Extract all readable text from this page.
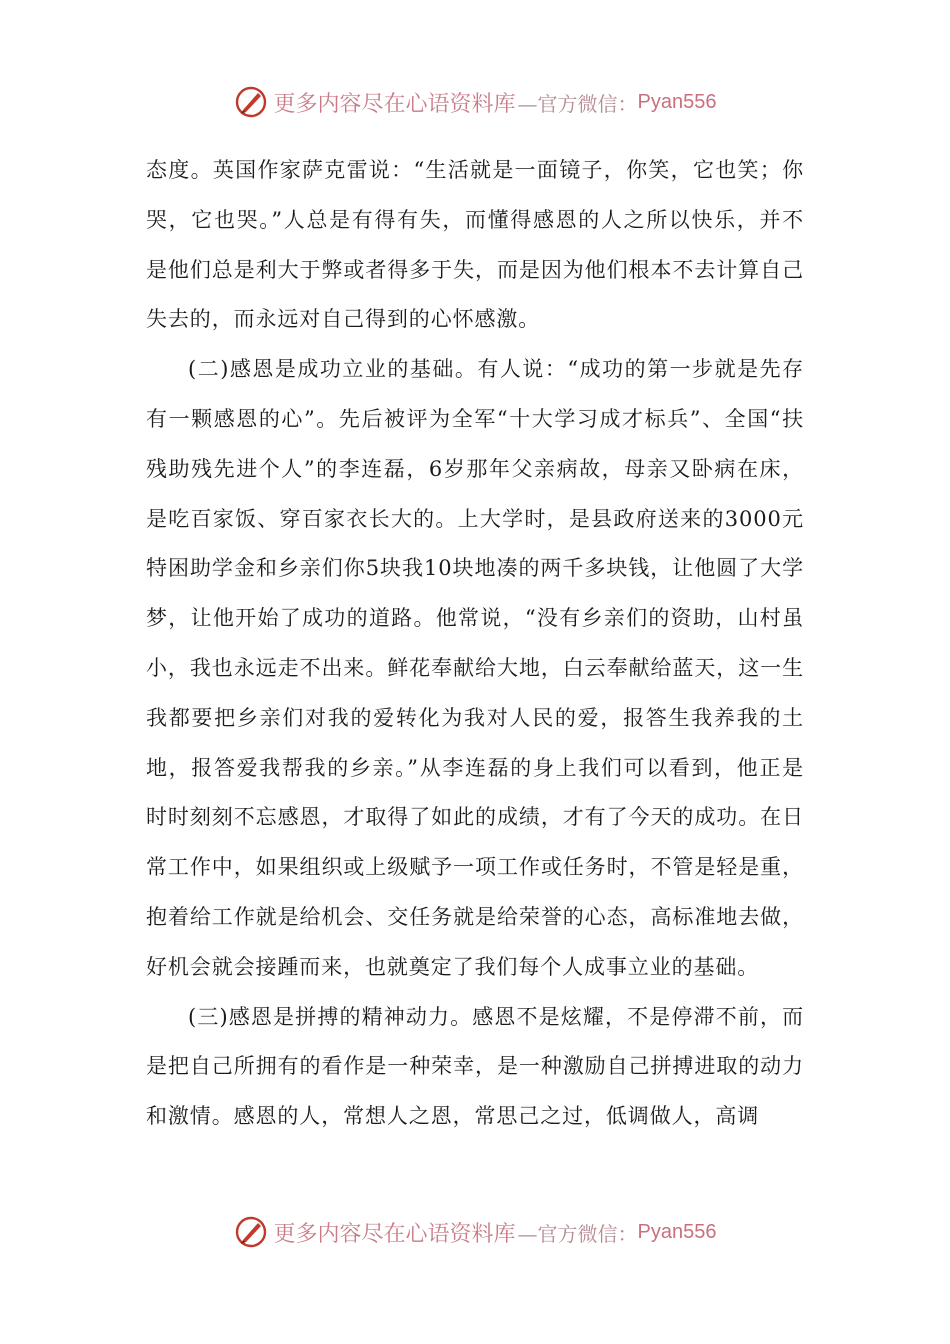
更多内容尽在心语资料库 —官方微信： Pyan556

态度。英国作家萨克雷说：“生活就是一面镜子，你笑，它也笑；你哭，它也哭。”人总是有得有失，而懂得感恩的人之所以快乐，并不是他们总是利大于弊或者得多于失，而是因为他们根本不去计算自己失去的，而永远对自己得到的心怀感激。

(二)感恩是成功立业的基础。有人说：“成功的第一步就是先存有一颗感恩的心”。先后被评为全军“十大学习成才标兵”、全国“扶残助残先进个人”的李连磊，6岁那年父亲病故，母亲又卧病在床，是吃百家饭、穿百家衣长大的。上大学时，是县政府送来的3000元特困助学金和乡亲们你5块我10块地凑的两千多块钱，让他圆了大学梦，让他开始了成功的道路。他常说，“没有乡亲们的资助，山村虽小，我也永远走不出来。鲜花奉献给大地，白云奉献给蓝天，这一生我都要把乡亲们对我的爱转化为我对人民的爱，报答生我养我的土地，报答爱我帮我的乡亲。”从李连磊的身上我们可以看到，他正是时时刻刻不忘感恩，才取得了如此的成绩，才有了今天的成功。在日常工作中，如果组织或上级赋予一项工作或任务时，不管是轻是重，抱着给工作就是给机会、交任务就是给荣誉的心态，高标准地去做，好机会就会接踵而来，也就奠定了我们每个人成事立业的基础。

(三)感恩是拼搏的精神动力。感恩不是炫耀，不是停滞不前，而是把自己所拥有的看作是一种荣幸，是一种激励自己拼搏进取的动力和激情。感恩的人，常想人之恩，常思己之过，低调做人，高调

更多内容尽在心语资料库 —官方微信： Pyan556
